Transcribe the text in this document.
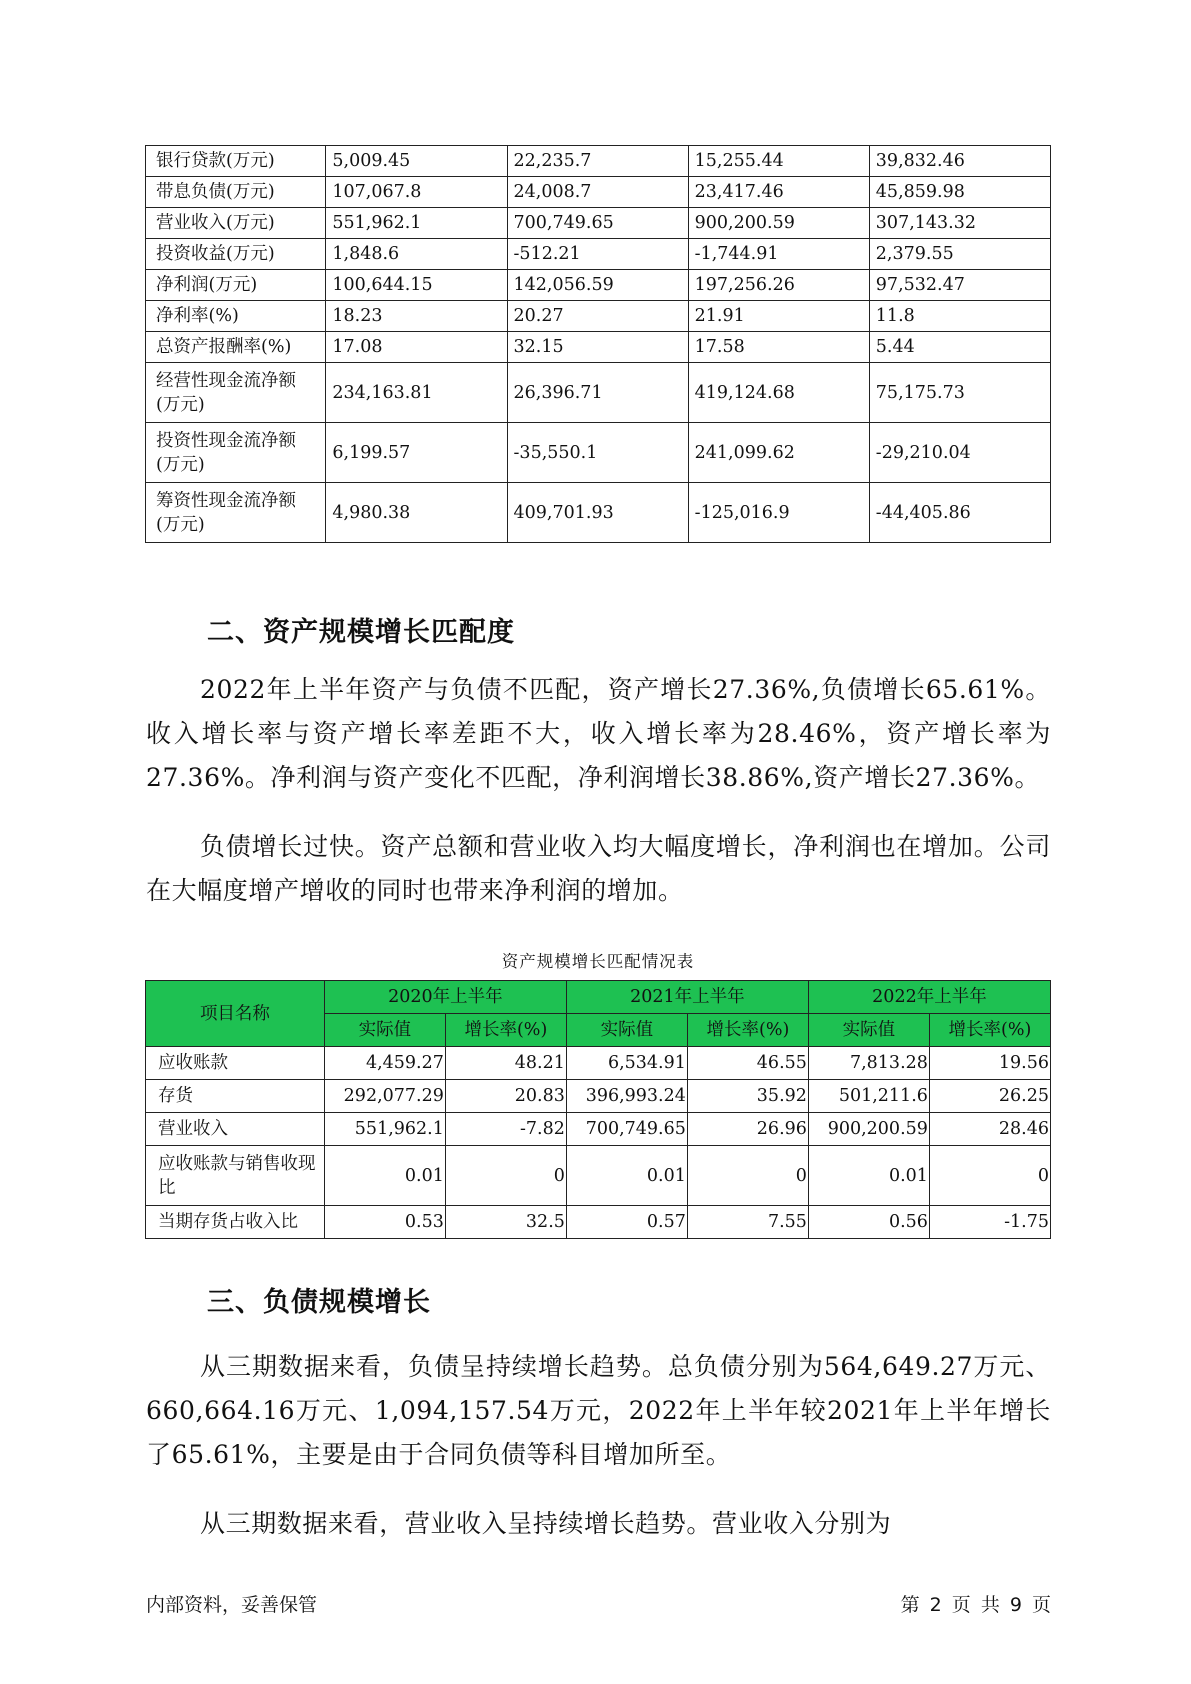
银行贷款(万元)	5,009.45	22,235.7	15,255.44	39,832.46
带息负债(万元)	107,067.8	24,008.7	23,417.46	45,859.98
营业收入(万元)	551,962.1	700,749.65	900,200.59	307,143.32
投资收益(万元)	1,848.6	-512.21	-1,744.91	2,379.55
净利润(万元)	100,644.15	142,056.59	197,256.26	97,532.47
净利率(%)	18.23	20.27	21.91	11.8
总资产报酬率(%)	17.08	32.15	17.58	5.44
经营性现金流净额(万元)	234,163.81	26,396.71	419,124.68	75,175.73
投资性现金流净额(万元)	6,199.57	-35,550.1	241,099.62	-29,210.04
筹资性现金流净额(万元)	4,980.38	409,701.93	-125,016.9	-44,405.86
二、资产规模增长匹配度

2022年上半年资产与负债不匹配，资产增长27.36%,负债增长65.61%。收入增长率与资产增长率差距不大，收入增长率为28.46%，资产增长率为27.36%。净利润与资产变化不匹配，净利润增长38.86%,资产增长27.36%。

负债增长过快。资产总额和营业收入均大幅度增长，净利润也在增加。公司在大幅度增产增收的同时也带来净利润的增加。

资产规模增长匹配情况表

项目名称	2020年上半年		2021年上半年		2022年上半年	
	实际值	增长率(%)	实际值	增长率(%)	实际值	增长率(%)
应收账款	4,459.27	48.21	6,534.91	46.55	7,813.28	19.56
存货	292,077.29	20.83	396,993.24	35.92	501,211.6	26.25
营业收入	551,962.1	-7.82	700,749.65	26.96	900,200.59	28.46
应收账款与销售收现比	0.01	0	0.01	0	0.01	0
当期存货占收入比	0.53	32.5	0.57	7.55	0.56	-1.75
三、负债规模增长

从三期数据来看，负债呈持续增长趋势。总负债分别为564,649.27万元、660,664.16万元、1,094,157.54万元，2022年上半年较2021年上半年增长了65.61%，主要是由于合同负债等科目增加所至。

从三期数据来看，营业收入呈持续增长趋势。营业收入分别为

内部资料，妥善保管	第 2 页 共 9 页
